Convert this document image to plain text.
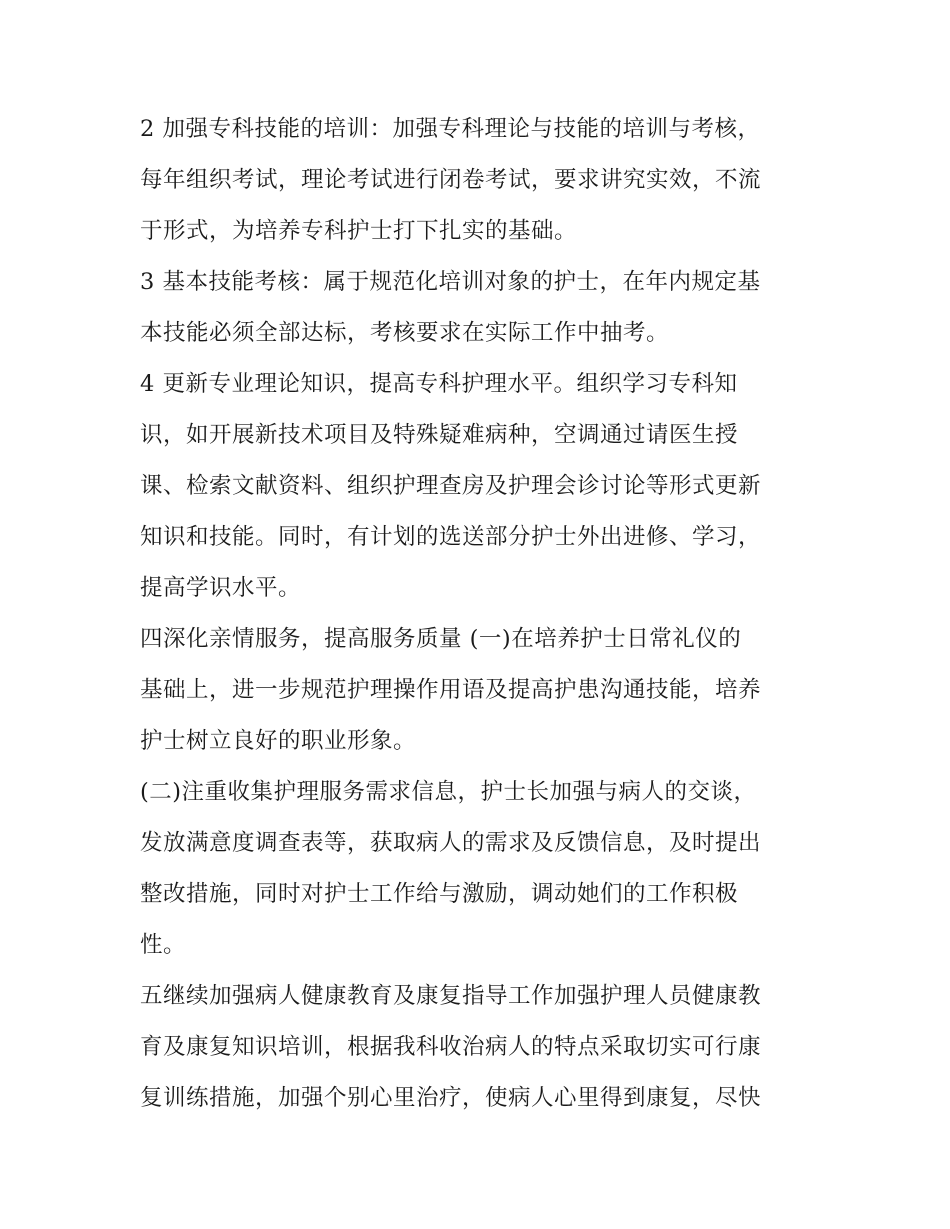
2 加强专科技能的培训：加强专科理论与技能的培训与考核，
每年组织考试，理论考试进行闭卷考试，要求讲究实效，不流
于形式，为培养专科护士打下扎实的基础。
3 基本技能考核：属于规范化培训对象的护士，在年内规定基
本技能必须全部达标，考核要求在实际工作中抽考。
4 更新专业理论知识，提高专科护理水平。组织学习专科知
识，如开展新技术项目及特殊疑难病种，空调通过请医生授
课、检索文献资料、组织护理查房及护理会诊讨论等形式更新
知识和技能。同时，有计划的选送部分护士外出进修、学习，
提高学识水平。
四深化亲情服务，提高服务质量 (一)在培养护士日常礼仪的
基础上，进一步规范护理操作用语及提高护患沟通技能，培养
护士树立良好的职业形象。
(二)注重收集护理服务需求信息，护士长加强与病人的交谈，
发放满意度调查表等，获取病人的需求及反馈信息，及时提出
整改措施，同时对护士工作给与激励，调动她们的工作积极
性。
五继续加强病人健康教育及康复指导工作加强护理人员健康教
育及康复知识培训，根据我科收治病人的特点采取切实可行康
复训练措施，加强个别心里治疗，使病人心里得到康复，尽快
